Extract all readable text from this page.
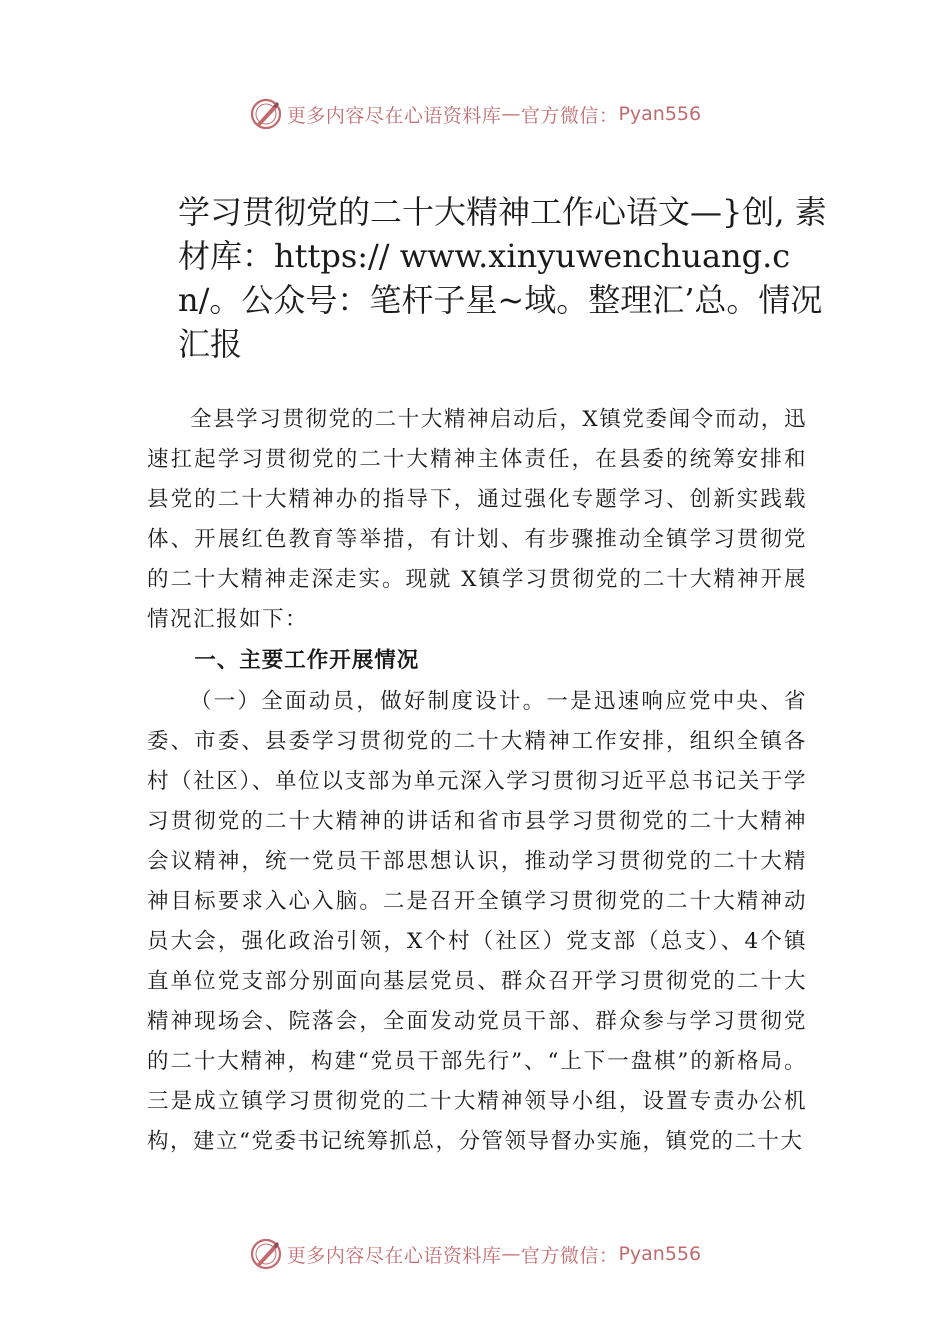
更多内容尽在心语资料库 — 官方微信： Pyan556
学习贯彻党的二十大精神工作心语文—}创, 素材库：https:// www.xinyuwenchuang.cn/。公众号：笔杆子星~域。整理汇’总。情况汇报

全县学习贯彻党的二十大精神启动后，X镇党委闻令而动，迅速扛起学习贯彻党的二十大精神主体责任，在县委的统筹安排和县党的二十大精神办的指导下，通过强化专题学习、创新实践载体、开展红色教育等举措，有计划、有步骤推动全镇学习贯彻党的二十大精神走深走实。现就 X镇学习贯彻党的二十大精神开展情况汇报如下：

一、主要工作开展情况

（一）全面动员，做好制度设计。一是迅速响应党中央、省委、市委、县委学习贯彻党的二十大精神工作安排，组织全镇各村（社区）、单位以支部为单元深入学习贯彻习近平总书记关于学习贯彻党的二十大精神的讲话和省市县学习贯彻党的二十大精神会议精神，统一党员干部思想认识，推动学习贯彻党的二十大精神目标要求入心入脑。二是召开全镇学习贯彻党的二十大精神动员大会，强化政治引领，X个村（社区）党支部（总支）、4个镇直单位党支部分别面向基层党员、群众召开学习贯彻党的二十大精神现场会、院落会，全面发动党员干部、群众参与学习贯彻党的二十大精神，构建“党员干部先行”、“上下一盘棋”的新格局。三是成立镇学习贯彻党的二十大精神领导小组，设置专责办公机构，建立“党委书记统筹抓总，分管领导督办实施，镇党的二十大

更多内容尽在心语资料库 — 官方微信： Pyan556
